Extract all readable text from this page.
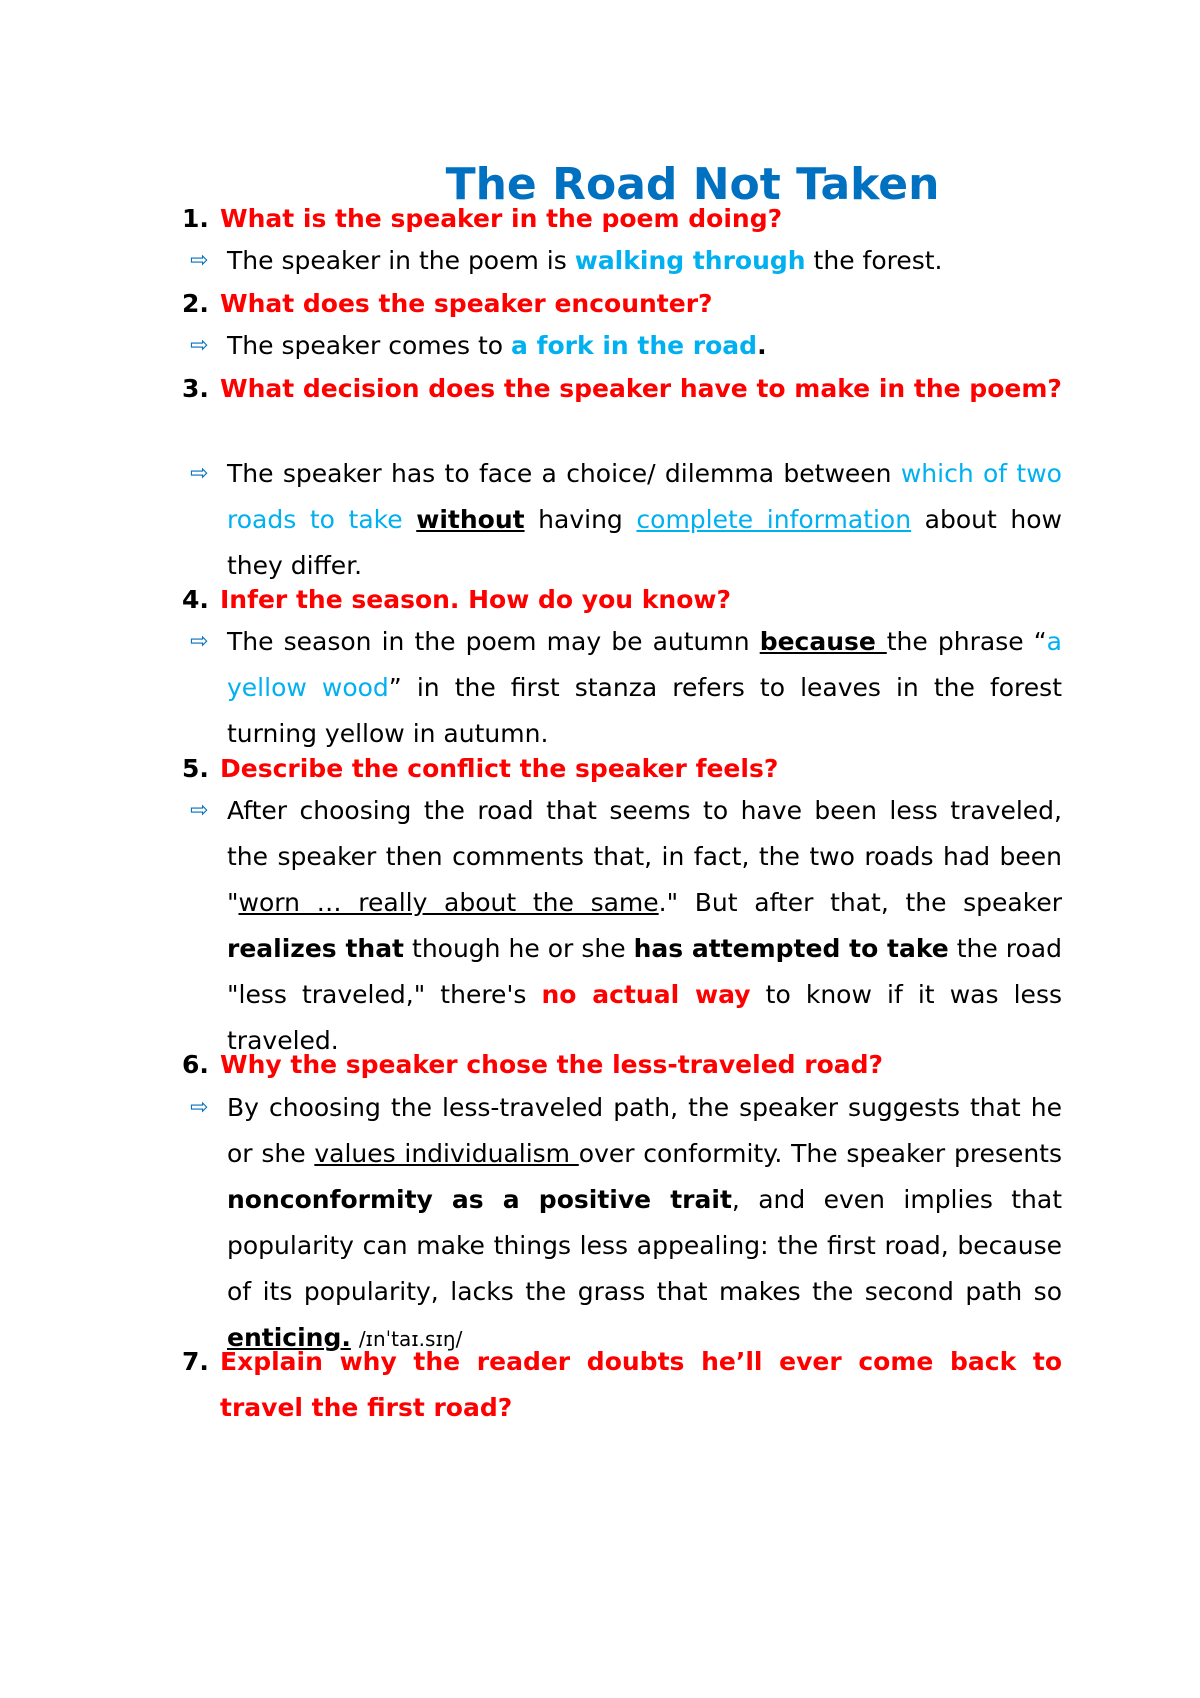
The Road Not Taken
1. What is the speaker in the poem doing?
⇨ The speaker in the poem is walking through the forest.
2. What does the speaker encounter?
⇨ The speaker comes to a fork in the road.
3. What decision does the speaker have to make in the poem?
⇨ The speaker has to face a choice/ dilemma between which of two roads to take without having complete information about how they differ.
4. Infer the season. How do you know?
⇨ The season in the poem may be autumn because the phrase “a yellow wood” in the first stanza refers to leaves in the forest turning yellow in autumn.
5. Describe the conflict the speaker feels?
⇨ After choosing the road that seems to have been less traveled, the speaker then comments that, in fact, the two roads had been "worn … really about the same." But after that, the speaker realizes that though he or she has attempted to take the road "less traveled," there's no actual way to know if it was less traveled.
6. Why the speaker chose the less-traveled road?
⇨ By choosing the less-traveled path, the speaker suggests that he or she values individualism over conformity. The speaker presents nonconformity as a positive trait, and even implies that popularity can make things less appealing: the first road, because of its popularity, lacks the grass that makes the second path so enticing. /ɪnˈtaɪ.sɪŋ/
7. Explain why the reader doubts he’ll ever come back to travel the first road?
